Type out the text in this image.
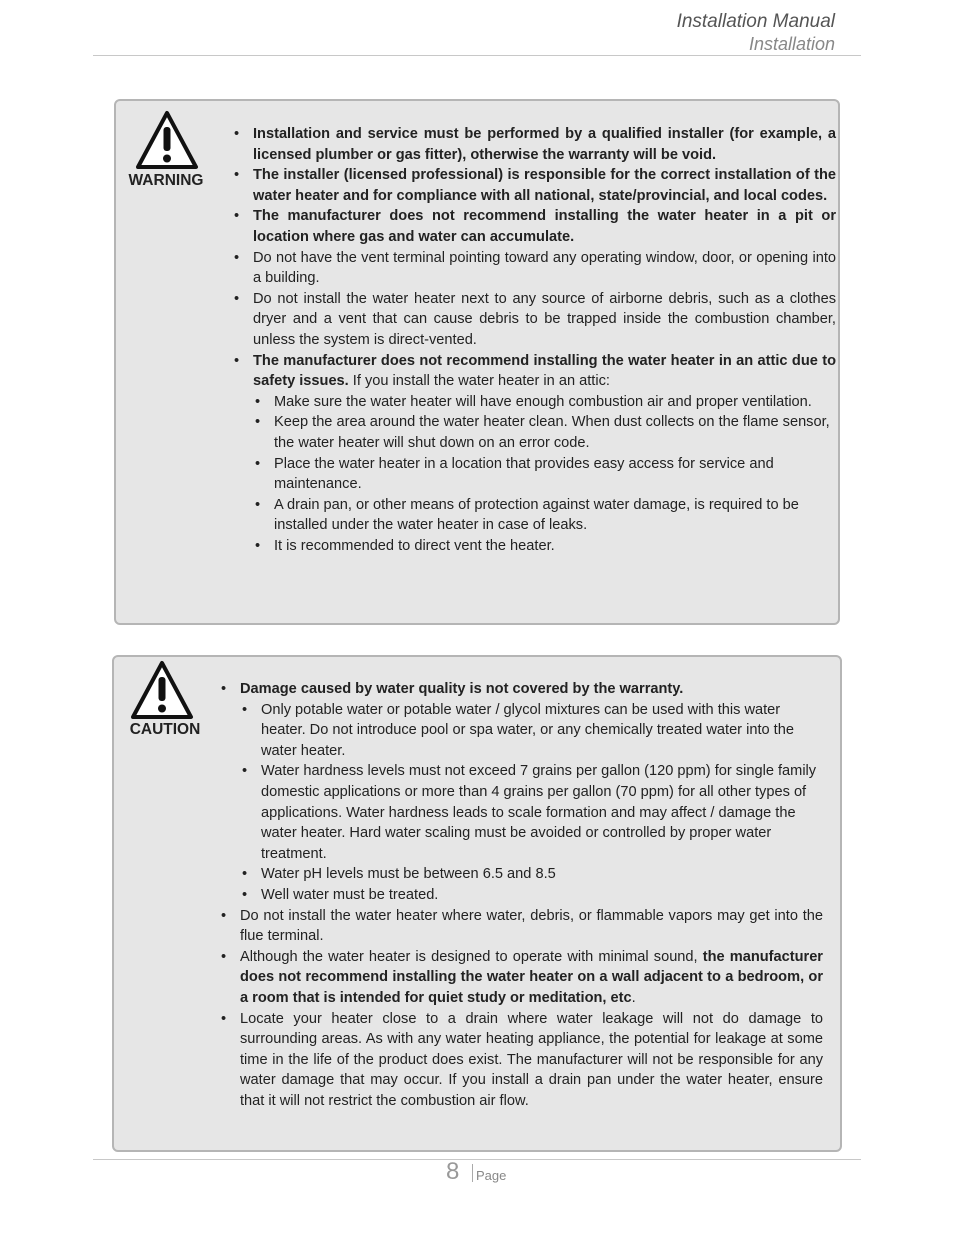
Installation Manual
Installation
WARNING
• Installation and service must be performed by a qualified installer (for example, a licensed plumber or gas fitter), otherwise the warranty will be void.
• The installer (licensed professional) is responsible for the correct installation of the water heater and for compliance with all national, state/provincial, and local codes.
• The manufacturer does not recommend installing the water heater in a pit or location where gas and water can accumulate.
• Do not have the vent terminal pointing toward any operating window, door, or opening into a building.
• Do not install the water heater next to any source of airborne debris, such as a clothes dryer and a vent that can cause debris to be trapped inside the combustion chamber, unless the system is direct-vented.
• The manufacturer does not recommend installing the water heater in an attic due to safety issues. If you install the water heater in an attic:
• Make sure the water heater will have enough combustion air and proper ventilation.
• Keep the area around the water heater clean. When dust collects on the flame sensor, the water heater will shut down on an error code.
• Place the water heater in a location that provides easy access for service and maintenance.
• A drain pan, or other means of protection against water damage, is required to be installed under the water heater in case of leaks.
• It is recommended to direct vent the heater.
CAUTION
• Damage caused by water quality is not covered by the warranty.
• Only potable water or potable water / glycol mixtures can be used with this water heater. Do not introduce pool or spa water, or any chemically treated water into the water heater.
• Water hardness levels must not exceed 7 grains per gallon (120 ppm) for single family domestic applications or more than 4 grains per gallon (70 ppm) for all other types of applications. Water hardness leads to scale formation and may affect / damage the water heater. Hard water scaling must be avoided or controlled by proper water treatment.
• Water pH levels must be between 6.5 and 8.5
• Well water must be treated.
• Do not install the water heater where water, debris, or flammable vapors may get into the flue terminal.
• Although the water heater is designed to operate with minimal sound, the manufacturer does not recommend installing the water heater on a wall adjacent to a bedroom, or a room that is intended for quiet study or meditation, etc.
• Locate your heater close to a drain where water leakage will not do damage to surrounding areas. As with any water heating appliance, the potential for leakage at some time in the life of the product does exist. The manufacturer will not be responsible for any water damage that may occur. If you install a drain pan under the water heater, ensure that it will not restrict the combustion air flow.
8 Page
